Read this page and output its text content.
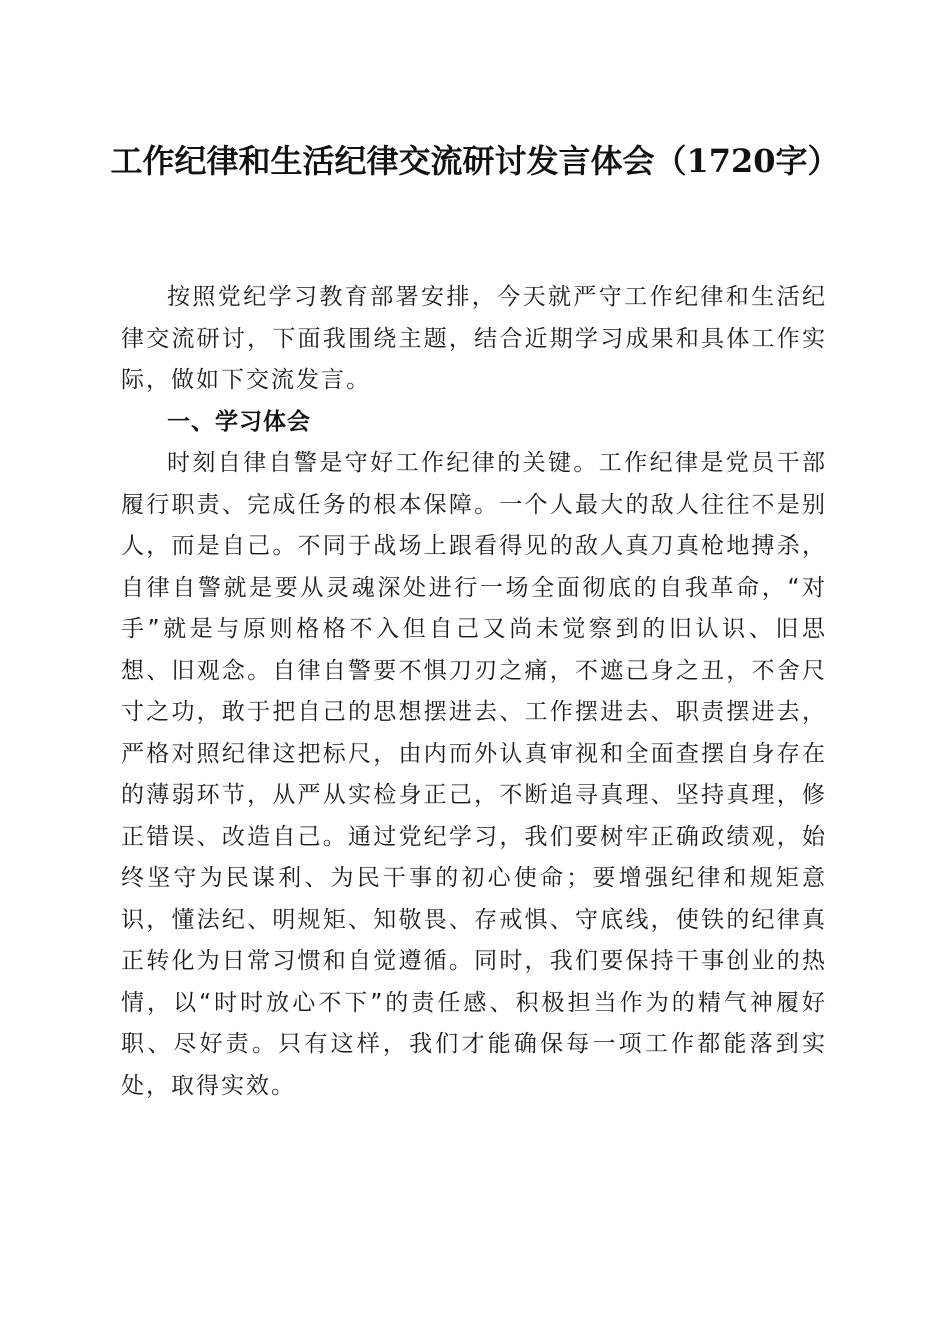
工作纪律和生活纪律交流研讨发言体会（1720字）

按照党纪学习教育部署安排，今天就严守工作纪律和生活纪律交流研讨，下面我围绕主题，结合近期学习成果和具体工作实际，做如下交流发言。

一、学习体会

时刻自律自警是守好工作纪律的关键。工作纪律是党员干部履行职责、完成任务的根本保障。一个人最大的敌人往往不是别人，而是自己。不同于战场上跟看得见的敌人真刀真枪地搏杀，自律自警就是要从灵魂深处进行一场全面彻底的自我革命，“对手”就是与原则格格不入但自己又尚未觉察到的旧认识、旧思想、旧观念。自律自警要不惧刀刃之痛，不遮己身之丑，不舍尺寸之功，敢于把自己的思想摆进去、工作摆进去、职责摆进去，严格对照纪律这把标尺，由内而外认真审视和全面查摆自身存在的薄弱环节，从严从实检身正己，不断追寻真理、坚持真理，修正错误、改造自己。通过党纪学习，我们要树牢正确政绩观，始终坚守为民谋利、为民干事的初心使命；要增强纪律和规矩意识，懂法纪、明规矩、知敬畏、存戒惧、守底线，使铁的纪律真正转化为日常习惯和自觉遵循。同时，我们要保持干事创业的热情，以“时时放心不下”的责任感、积极担当作为的精气神履好职、尽好责。只有这样，我们才能确保每一项工作都能落到实处，取得实效。
